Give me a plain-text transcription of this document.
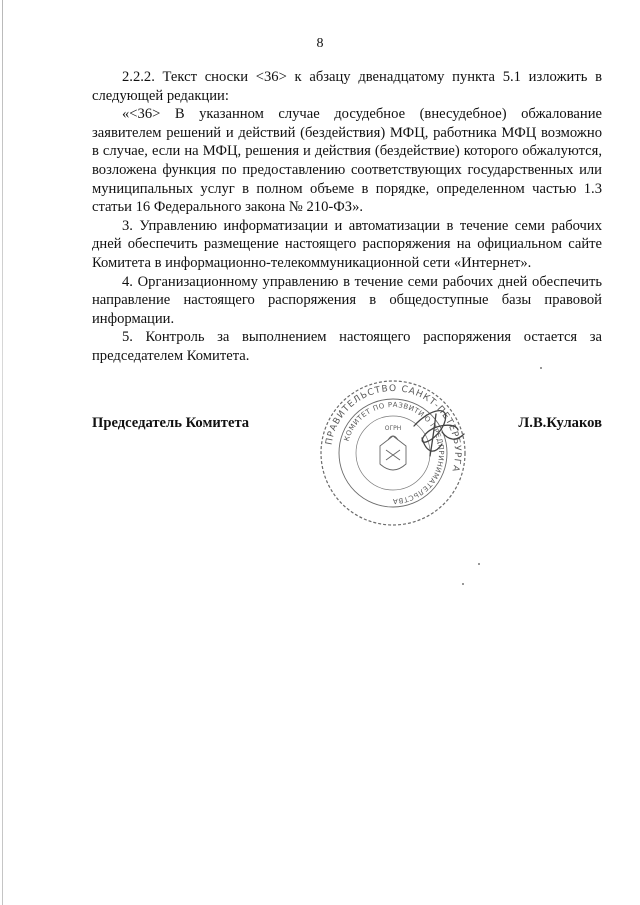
8

2.2.2. Текст сноски <36> к абзацу двенадцатому пункта 5.1 изложить в следующей редакции:

«<36> В указанном случае досудебное (внесудебное) обжалование заявителем решений и действий (бездействия) МФЦ, работника МФЦ возможно в случае, если на МФЦ, решения и действия (бездействие) которого обжалуются, возложена функция по предоставлению соответствующих государственных или муниципальных услуг в полном объеме в порядке, определенном частью 1.3 статьи 16 Федерального закона № 210-ФЗ».

3. Управлению информатизации и автоматизации в течение семи рабочих дней обеспечить размещение настоящего распоряжения на официальном сайте Комитета в информационно-телекоммуникационной сети «Интернет».

4. Организационному управлению в течение семи рабочих дней обеспечить направление настоящего распоряжения в общедоступные базы правовой информации.

5. Контроль за выполнением настоящего распоряжения остается за председателем Комитета.

Председатель Комитета	Л.В.Кулаков
ПРАВИТЕЛЬСТВО САНКТ-ПЕТЕРБУРГА
КОМИТЕТ ПО РАЗВИТИЮ ПРЕДПРИНИМАТЕЛЬСТВА
ОГРН
